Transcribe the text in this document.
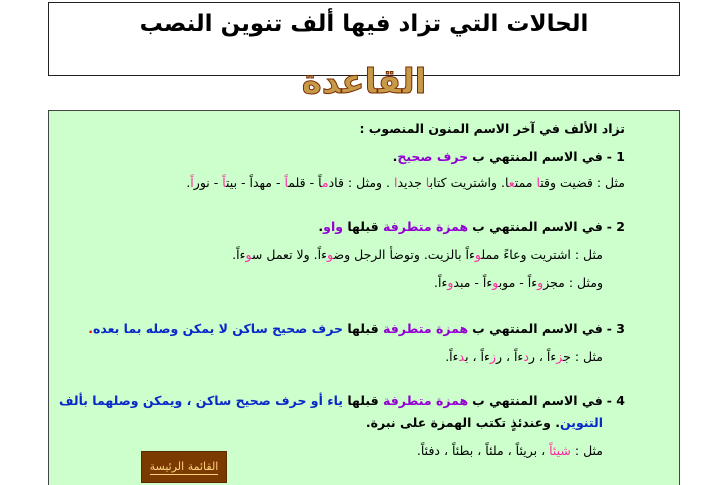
الحالات التي تزاد فيها ألف تنوين النصب
القاعدة
تزاد الألف في آخر الاسم المنون المنصوب :
1 - في الاسم المنتهي ب حرف صحيح.
مثل : قضيت وقتا ممتعا. واشتريت كتابا جديدا . ومثل : قادماً - قلماً - مهداً - بيتاً - نوراً.
2 - في الاسم المنتهي ب همزة متطرفة قبلها واو.
مثل : اشتريت وعاءً مملوءاً بالزيت. وتوضأ الرجل وضوءاً. ولا تعمل سوءاً.
ومثل : مجزوءاً - موبوءاً - مبدوءاً.
3 - في الاسم المنتهي ب همزة متطرفة قبلها حرف صحيح ساكن لا يمكن وصله بما بعده.
مثل : جزءاً ، ردءاً ، رزءاً ، بدءاً.
4 - في الاسم المنتهي ب همزة متطرفة قبلها ياء أو حرف صحيح ساكن ، ويمكن وصلهما بألف
التنوين. وعندئذٍ تكتب الهمزة على نبرة.
مثل : شيئاً ، بريئاً ، ملئاً ، بطئاً ، دفئاً.
القائمة الرئيسة
